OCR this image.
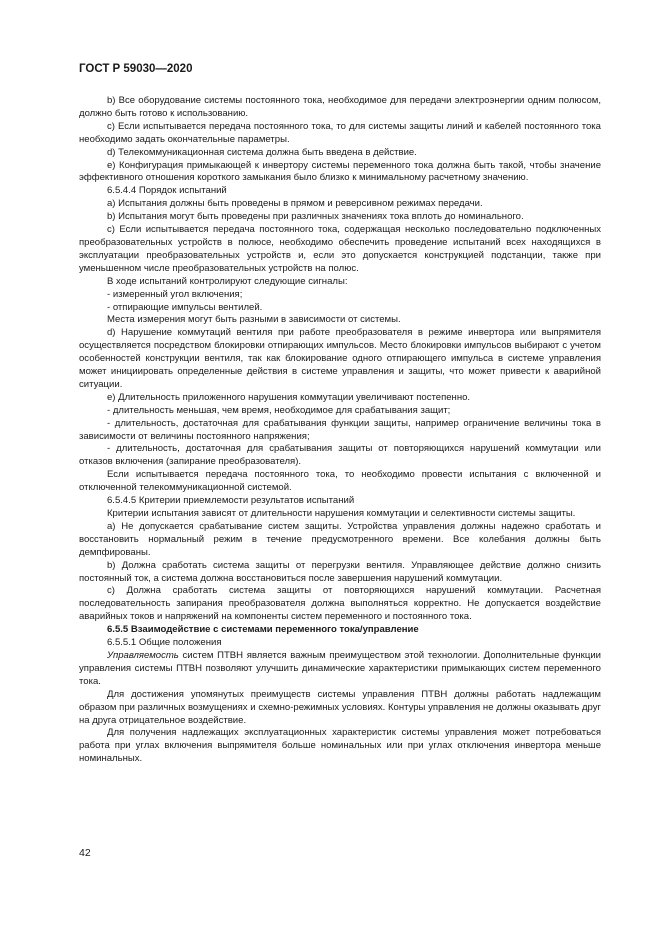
ГОСТ Р 59030—2020

b) Все оборудование системы постоянного тока, необходимое для передачи электроэнергии одним полюсом, должно быть готово к использованию.

c) Если испытывается передача постоянного тока, то для системы защиты линий и кабелей постоянного тока необходимо задать окончательные параметры.

d) Телекоммуникационная система должна быть введена в действие.

e) Конфигурация примыкающей к инвертору системы переменного тока должна быть такой, чтобы значение эффективного отношения короткого замыкания было близко к минимальному расчетному значению.

6.5.4.4 Порядок испытаний

a) Испытания должны быть проведены в прямом и реверсивном режимах передачи.

b) Испытания могут быть проведены при различных значениях тока вплоть до номинального.

c) Если испытывается передача постоянного тока, содержащая несколько последовательно подключенных преобразовательных устройств в полюсе, необходимо обеспечить проведение испытаний всех находящихся в эксплуатации преобразовательных устройств и, если это допускается конструкцией подстанции, также при уменьшенном числе преобразовательных устройств на полюс.

В ходе испытаний контролируют следующие сигналы:

- измеренный угол включения;

- отпирающие импульсы вентилей.

Места измерения могут быть разными в зависимости от системы.

d) Нарушение коммутаций вентиля при работе преобразователя в режиме инвертора или выпрямителя осуществляется посредством блокировки отпирающих импульсов. Место блокировки импульсов выбирают с учетом особенностей конструкции вентиля, так как блокирование одного отпирающего импульса в системе управления может инициировать определенные действия в системе управления и защиты, что может привести к аварийной ситуации.

e) Длительность приложенного нарушения коммутации увеличивают постепенно.

- длительность меньшая, чем время, необходимое для срабатывания защит;

- длительность, достаточная для срабатывания функции защиты, например ограничение величины тока в зависимости от величины постоянного напряжения;

- длительность, достаточная для срабатывания защиты от повторяющихся нарушений коммутации или отказов включения (запирание преобразователя).

Если испытывается передача постоянного тока, то необходимо провести испытания с включенной и отключенной телекоммуникационной системой.

6.5.4.5 Критерии приемлемости результатов испытаний

Критерии испытания зависят от длительности нарушения коммутации и селективности системы защиты.

a) Не допускается срабатывание систем защиты. Устройства управления должны надежно сработать и восстановить нормальный режим в течение предусмотренного времени. Все колебания должны быть демпфированы.

b) Должна сработать система защиты от перегрузки вентиля. Управляющее действие должно снизить постоянный ток, а система должна восстановиться после завершения нарушений коммутации.

c) Должна сработать система защиты от повторяющихся нарушений коммутации. Расчетная последовательность запирания преобразователя должна выполняться корректно. Не допускается воздействие аварийных токов и напряжений на компоненты систем переменного и постоянного тока.

6.5.5 Взаимодействие с системами переменного тока/управление

6.5.5.1 Общие положения

Управляемость систем ПТВН является важным преимуществом этой технологии. Дополнительные функции управления системы ПТВН позволяют улучшить динамические характеристики примыкающих систем переменного тока.

Для достижения упомянутых преимуществ системы управления ПТВН должны работать надлежащим образом при различных возмущениях и схемно-режимных условиях. Контуры управления не должны оказывать друг на друга отрицательное воздействие.

Для получения надлежащих эксплуатационных характеристик системы управления может потребоваться работа при углах включения выпрямителя больше номинальных или при углах отключения инвертора меньше номинальных.

42
